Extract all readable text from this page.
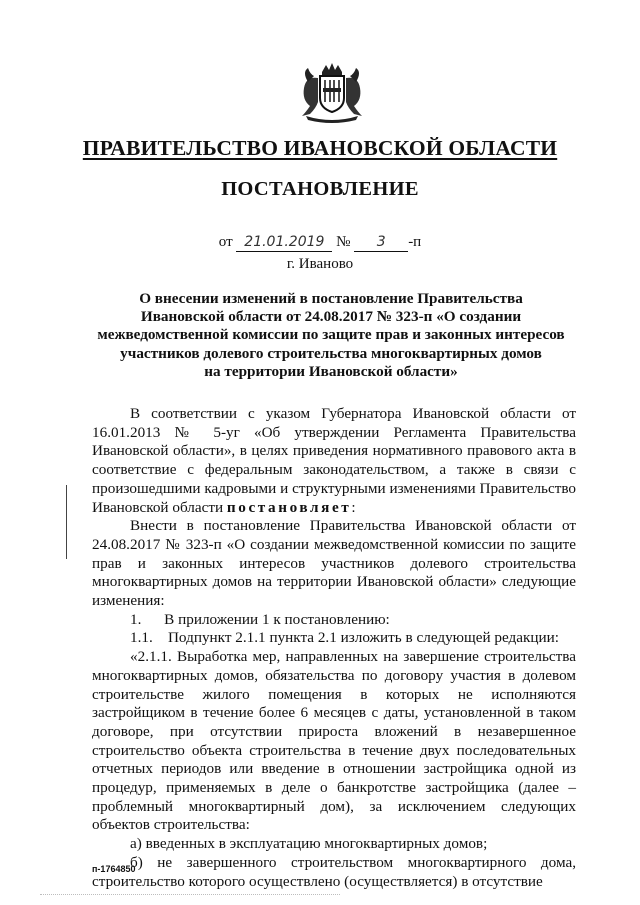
ПРАВИТЕЛЬСТВО ИВАНОВСКОЙ ОБЛАСТИ
ПОСТАНОВЛЕНИЕ
от 21.01.2019 № 3 -п
г. Иваново
О внесении изменений в постановление Правительства
Ивановской области от 24.08.2017 № 323-п «О создании
межведомственной комиссии по защите прав и законных интересов
участников долевого строительства многоквартирных домов
на территории Ивановской области»

В соответствии с указом Губернатора Ивановской области от 16.01.2013 № 5-уг «Об утверждении Регламента Правительства Ивановской области», в целях приведения нормативного правового акта в соответствие с федеральным законодательством, а также в связи с произошедшими кадровыми и структурными изменениями Правительство Ивановской области постановляет:

Внести в постановление Правительства Ивановской области от 24.08.2017 № 323-п «О создании межведомственной комиссии по защите прав и законных интересов участников долевого строительства многоквартирных домов на территории Ивановской области» следующие изменения:

1.  В приложении 1 к постановлению:

1.1. Подпункт 2.1.1 пункта 2.1 изложить в следующей редакции:

«2.1.1. Выработка мер, направленных на завершение строительства многоквартирных домов, обязательства по договору участия в долевом строительстве жилого помещения в которых не исполняются застройщиком в течение более 6 месяцев с даты, установленной в таком договоре, при отсутствии прироста вложений в незавершенное строительство объекта строительства в течение двух последовательных отчетных периодов или введение в отношении застройщика одной из процедур, применяемых в деле о банкротстве застройщика (далее – проблемный многоквартирный дом), за исключением следующих объектов строительства:

а) введенных в эксплуатацию многоквартирных домов;

б) не завершенного строительством многоквартирного дома, строительство которого осуществлено (осуществляется) в отсутствие

п-1764850
